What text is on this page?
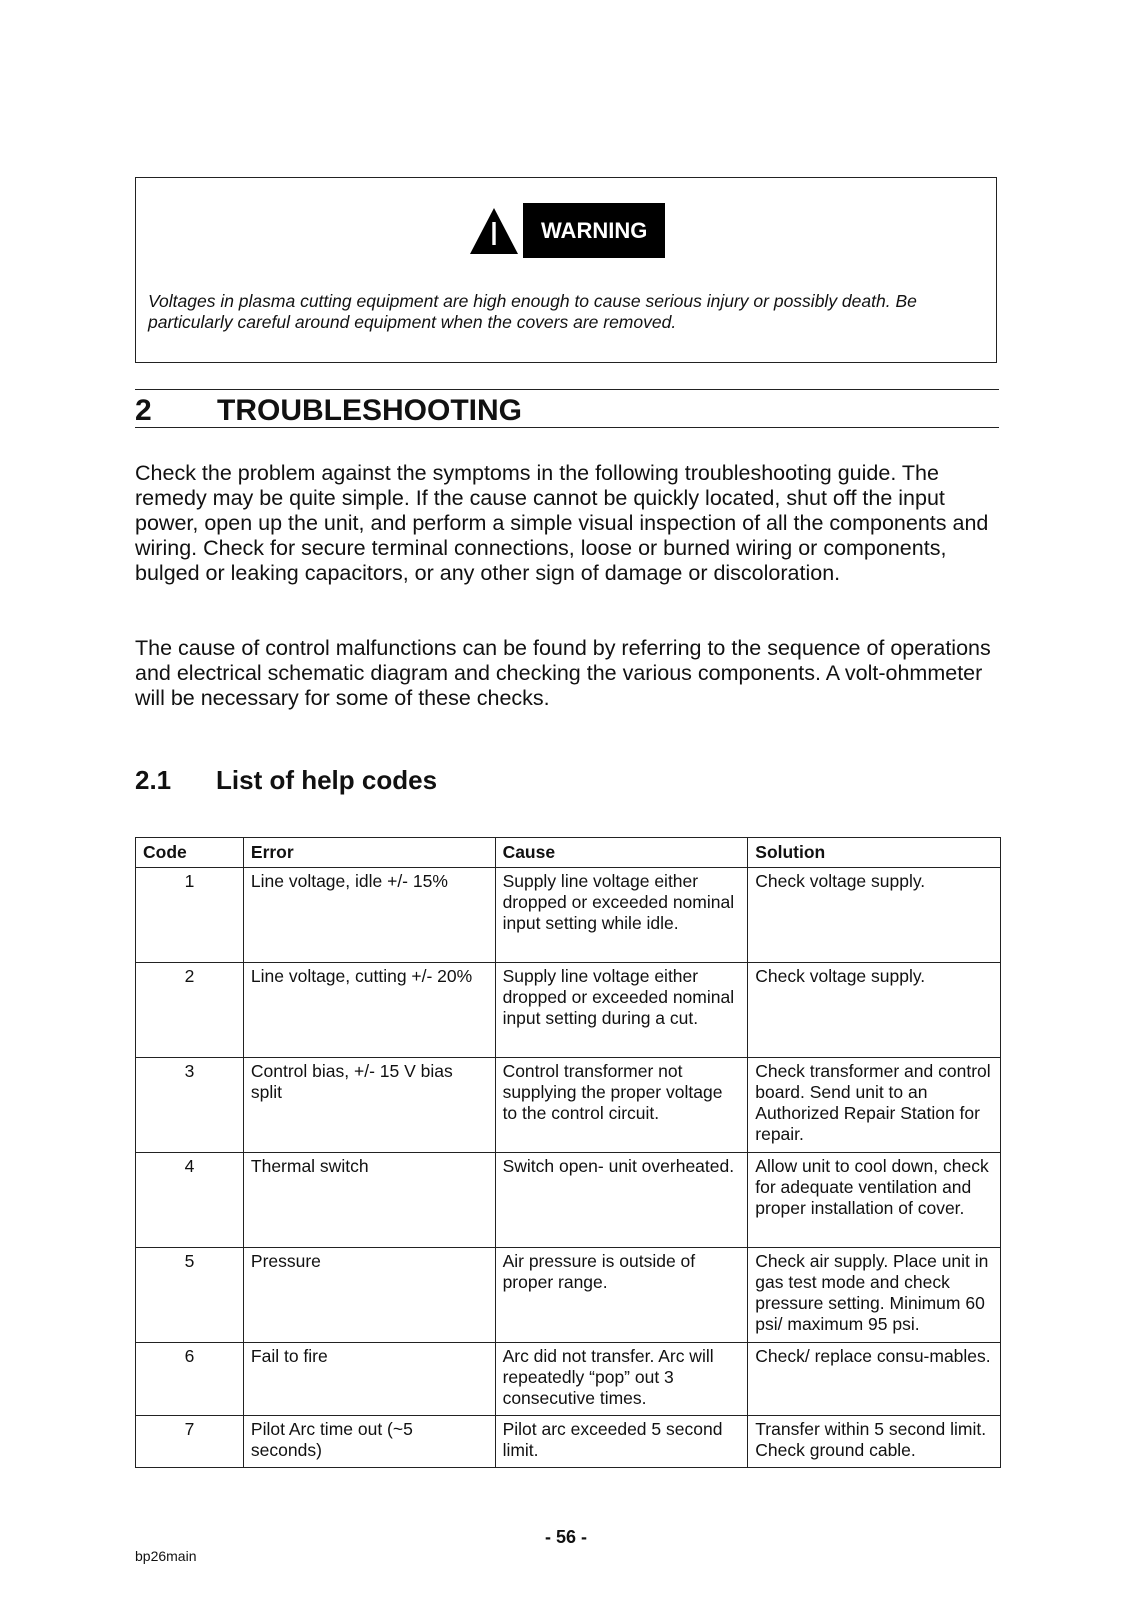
WARNING

Voltages in plasma cutting equipment are high enough to cause serious injury or possibly death. Be particularly careful around equipment when the covers are removed.

2 TROUBLESHOOTING

Check the problem against the symptoms in the following troubleshooting guide. The remedy may be quite simple. If the cause cannot be quickly located, shut off the input power, open up the unit, and perform a simple visual inspection of all the components and wiring. Check for secure terminal connections, loose or burned wiring or components, bulged or leaking capacitors, or any other sign of damage or discoloration.

The cause of control malfunctions can be found by referring to the sequence of operations and electrical schematic diagram and checking the various components. A volt-ohmmeter will be necessary for some of these checks.

2.1 List of help codes
Code	Error	Cause	Solution
1	Line voltage, idle +/- 15%	Supply line voltage either dropped or exceeded nominal input setting while idle.	Check voltage supply.
2	Line voltage, cutting +/- 20%	Supply line voltage either dropped or exceeded nominal input setting during a cut.	Check voltage supply.
3	Control bias, +/- 15 V bias split	Control transformer not supplying the proper voltage to the control circuit.	Check transformer and control board. Send unit to an Authorized Repair Station for repair.
4	Thermal switch	Switch open- unit overheated.	Allow unit to cool down, check for adequate ventilation and proper installation of cover.
5	Pressure	Air pressure is outside of proper range.	Check air supply. Place unit in gas test mode and check pressure setting. Minimum 60 psi/ maximum 95 psi.
6	Fail to fire	Arc did not transfer. Arc will repeatedly “pop” out 3 consecutive times.	Check/ replace consu-mables.
7	Pilot Arc time out (~5 seconds)	Pilot arc exceeded 5 second limit.	Transfer within 5 second limit. Check ground cable.
- 56 -
bp26main
